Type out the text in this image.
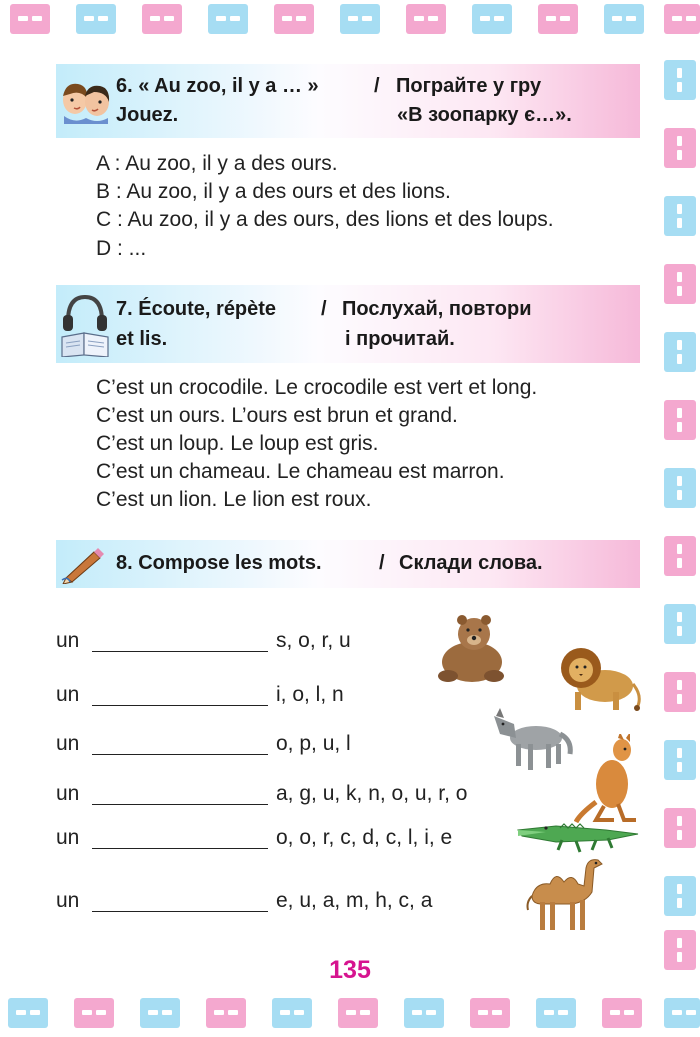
6. « Au zoo, il y a … »	/ Пограйте у гру
Jouez.	«В зоопарку є…».
A : Au zoo, il y a des ours.
B : Au zoo, il y a des ours et des lions.
C : Au zoo, il y a des ours, des lions et des loups.
D : ...
7. Écoute, répète / Послухай, повтори
et lis.	і прочитай.
C’est un crocodile. Le crocodile est vert et long.
C’est un ours. L’ours est brun et grand.
C’est un loup. Le loup est gris.
C’est un chameau. Le chameau est marron.
C’est un lion. Le lion est roux.
8. Compose les mots.	/ Склади слова.
un	s, o, r, u
un	i, o, l, n
un	o, p, u, l
un	a, g, u, k, n, o, u, r, o
un	o, o, r, c, d, c, l, i, e
un	e, u, a, m, h, c, a
135
